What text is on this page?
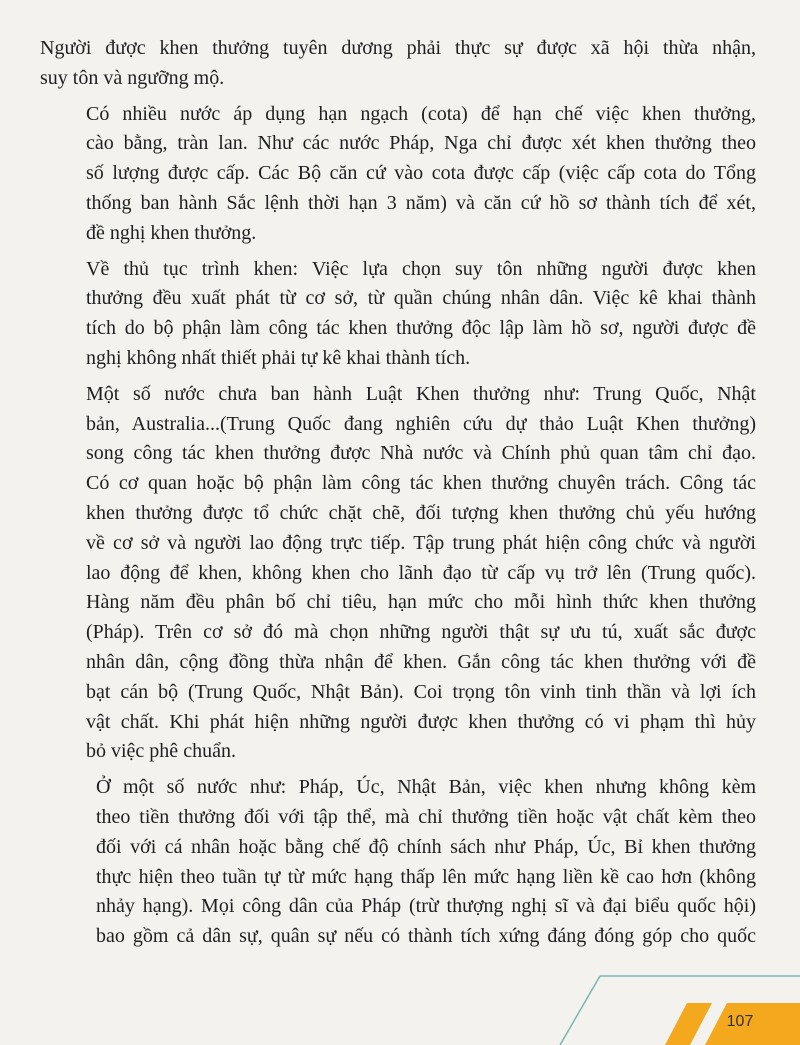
Người được khen thưởng tuyên dương phải thực sự được xã hội thừa nhận,
suy tôn và ngưỡng mộ.

Có nhiều nước áp dụng hạn ngạch (cota) để hạn chế việc khen thưởng,
cào bằng, tràn lan. Như các nước Pháp, Nga chỉ được xét khen thưởng theo
số lượng được cấp. Các Bộ căn cứ vào cota được cấp (việc cấp cota do Tổng
thống ban hành Sắc lệnh thời hạn 3 năm) và căn cứ hồ sơ thành tích để xét,
đề nghị khen thưởng.

Về thủ tục trình khen: Việc lựa chọn suy tôn những người được khen
thưởng đều xuất phát từ cơ sở, từ quần chúng nhân dân. Việc kê khai thành
tích do bộ phận làm công tác khen thưởng độc lập làm hồ sơ, người được đề
nghị không nhất thiết phải tự kê khai thành tích.

Một số nước chưa ban hành Luật Khen thưởng như: Trung Quốc, Nhật
bản, Australia...(Trung Quốc đang nghiên cứu dự thảo Luật Khen thưởng)
song công tác khen thưởng được Nhà nước và Chính phủ quan tâm chỉ đạo.
Có cơ quan hoặc bộ phận làm công tác khen thưởng chuyên trách. Công tác
khen thưởng được tổ chức chặt chẽ, đối tượng khen thưởng chủ yếu hướng
về cơ sở và người lao động trực tiếp. Tập trung phát hiện công chức và người
lao động để khen, không khen cho lãnh đạo từ cấp vụ trở lên (Trung quốc).
Hàng năm đều phân bố chỉ tiêu, hạn mức cho mỗi hình thức khen thưởng
(Pháp). Trên cơ sở đó mà chọn những người thật sự ưu tú, xuất sắc được
nhân dân, cộng đồng thừa nhận để khen. Gắn công tác khen thưởng với đề
bạt cán bộ (Trung Quốc, Nhật Bản). Coi trọng tôn vinh tinh thần và lợi ích
vật chất. Khi phát hiện những người được khen thưởng có vi phạm thì hủy
bỏ việc phê chuẩn.

Ở một số nước như: Pháp, Úc, Nhật Bản, việc khen nhưng không kèm
theo tiền thưởng đối với tập thể, mà chỉ thưởng tiền hoặc vật chất kèm theo
đối với cá nhân hoặc bằng chế độ chính sách như Pháp, Úc, Bỉ khen thưởng
thực hiện theo tuần tự từ mức hạng thấp lên mức hạng liền kề cao hơn (không
nhảy hạng). Mọi công dân của Pháp (trừ thượng nghị sĩ và đại biểu quốc hội)
bao gồm cả dân sự, quân sự nếu có thành tích xứng đáng đóng góp cho quốc

107
